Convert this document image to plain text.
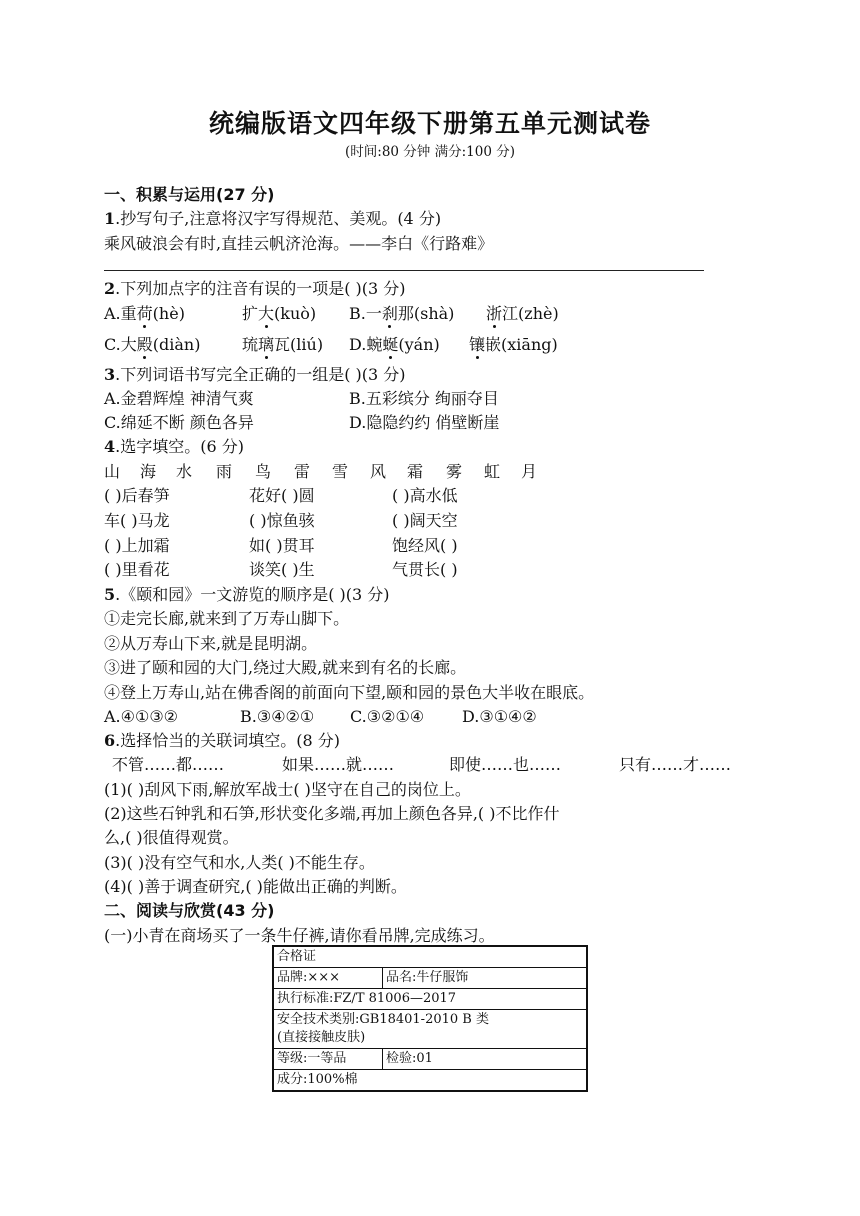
统编版语文四年级下册第五单元测试卷
(时间:80 分钟 满分:100 分)
一、积累与运用(27 分)
1.抄写句子,注意将汉字写得规范、美观。(4 分)
乘风破浪会有时,直挂云帆济沧海。——李白《行路难》
2.下列加点字的注音有误的一项是( )(3 分)
A.重荷(hè)	扩大(kuò) B.一刹那(shà) 浙江(zhè)
C.大殿(diàn)	琉璃瓦(liú) D.蜿蜒(yán) 镶嵌(xiāng)
3.下列词语书写完全正确的一组是( )(3 分)
A.金碧辉煌 神清气爽	B.五彩缤分 绚丽夺目
C.绵延不断 颜色各异	D.隐隐约约 俏壁断崖
4.选字填空。(6 分)
山 海 水 雨 鸟 雷 雪 风 霜 雾 虹 月
( )后春笋	花好( )圆	( )高水低
车( )马龙	( )惊鱼骇	( )阔天空
( )上加霜	如( )贯耳	饱经风( )
( )里看花	谈笑( )生	气贯长( )
5.《颐和园》一文游览的顺序是( )(3 分)
①走完长廊,就来到了万寿山脚下。
②从万寿山下来,就是昆明湖。
③进了颐和园的大门,绕过大殿,就来到有名的长廊。
④登上万寿山,站在佛香阁的前面向下望,颐和园的景色大半收在眼底。
A.④①③②	B.③④②① C.③②①④ D.③①④②
6.选择恰当的关联词填空。(8 分)
不管……都……	如果……就……	即使……也……	只有……才……
(1)( )刮风下雨,解放军战士( )坚守在自己的岗位上。
(2)这些石钟乳和石笋,形状变化多端,再加上颜色各异,( )不比作什
么,( )很值得观赏。
(3)( )没有空气和水,人类( )不能生存。
(4)( )善于调查研究,( )能做出正确的判断。
二、阅读与欣赏(43 分)
(一)小青在商场买了一条牛仔裤,请你看吊牌,完成练习。
合格证	
品牌:×××	品名:牛仔服饰
执行标准:FZ/T 81006—2017	

安全技术类别:GB18401-2010 B 类
(直接接触皮肤)	

等级:一等品	检验:01
成分:100%棉	
